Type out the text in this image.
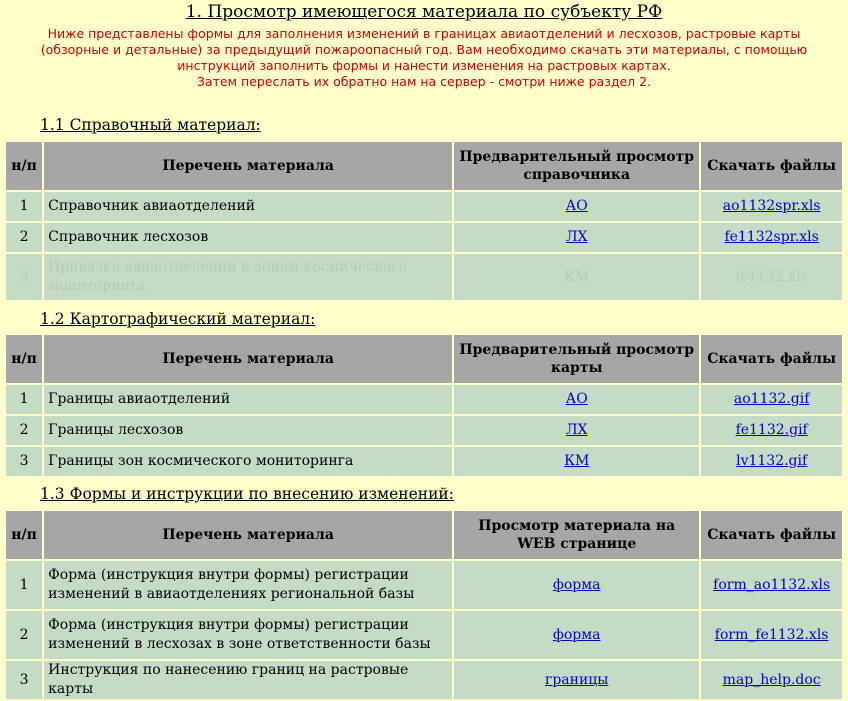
1. Просмотр имеющегося материала по субъекту РФ

Ниже представлены формы для заполнения изменений в границах авиаотделений и лесхозов, растровые карты (обзорные и детальные) за предыдущий пожароопасный год. Вам необходимо скачать эти материалы, с помощью инструкций заполнить формы и нанести изменения на растровых картах.

Затем переслать их обратно нам на сервер - смотри ниже раздел 2.

1.1 Справочный материал:
н/п	Перечень материала	Предварительный просмотр справочника	Скачать файлы
1	Справочник авиаотделений	АО	ao1132spr.xls
2	Справочник лесхозов	ЛХ	fe1132spr.xls
3	Привязка авиаотделений к зонам космического мониторинга	КМ	lv1132.xls
1.2 Картографический материал:
н/п	Перечень материала	Предварительный просмотр карты	Скачать файлы
1	Границы авиаотделений	АО	ao1132.gif
2	Границы лесхозов	ЛХ	fe1132.gif
3	Границы зон космического мониторинга	КМ	lv1132.gif
1.3 Формы и инструкции по внесению изменений:
н/п	Перечень материала	Просмотр материала на WEB странице	Скачать файлы
1	Форма (инструкция внутри формы) регистрации изменений в авиаотделениях региональной базы	форма	form_ao1132.xls
2	Форма (инструкция внутри формы) регистрации изменений в лесхозах в зоне ответственности базы	форма	form_fe1132.xls
3	Инструкция по нанесению границ на растровые карты	границы	map_help.doc
